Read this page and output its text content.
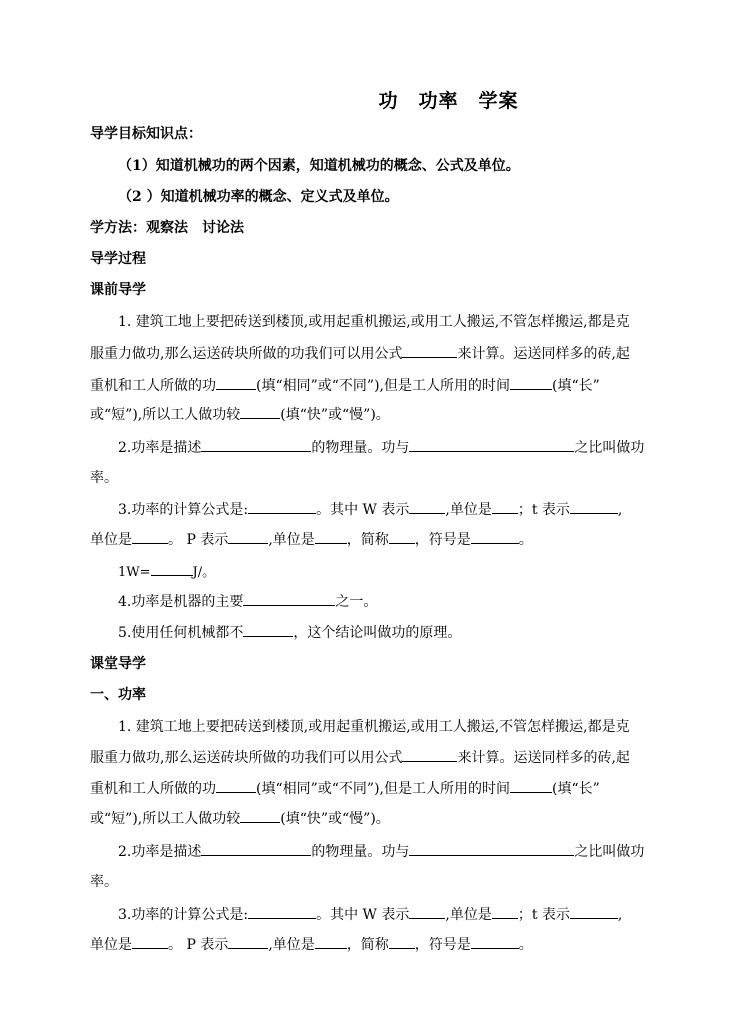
功　功率　学案
导学目标知识点：
（1）知道机械功的两个因素，知道机械功的概念、公式及单位。
（2 ）知道机械功率的概念、定义式及单位。
学方法：观察法　讨论法
导学过程
课前导学
1. 建筑工地上要把砖送到楼顶,或用起重机搬运,或用工人搬运,不管怎样搬运,都是克
服重力做功,那么运送砖块所做的功我们可以用公式	来计算。运送同样多的砖,起
重机和工人所做的功	(填“相同”或“不同”),但是工人所用的时间	(填“长”
或“短”),所以工人做功较	(填“快”或“慢”)。
2.功率是描述	的物理量。功与	之比叫做功
率。
3.功率的计算公式是:	。其中 W 表示	,单位是 ；t 表示	,
单位是	。 P 表示	,单位是 ，简称 ，符号是	。
1W=	J/。
4.功率是机器的主要	之一。
5.使用任何机械都不	，这个结论叫做功的原理。
课堂导学
一、功率
1. 建筑工地上要把砖送到楼顶,或用起重机搬运,或用工人搬运,不管怎样搬运,都是克
服重力做功,那么运送砖块所做的功我们可以用公式	来计算。运送同样多的砖,起
重机和工人所做的功	(填“相同”或“不同”),但是工人所用的时间	(填“长”
或“短”),所以工人做功较	(填“快”或“慢”)。
2.功率是描述	的物理量。功与	之比叫做功
率。
3.功率的计算公式是:	。其中 W 表示	,单位是 ；t 表示	,
单位是	。 P 表示	,单位是 ，简称 ，符号是	。
